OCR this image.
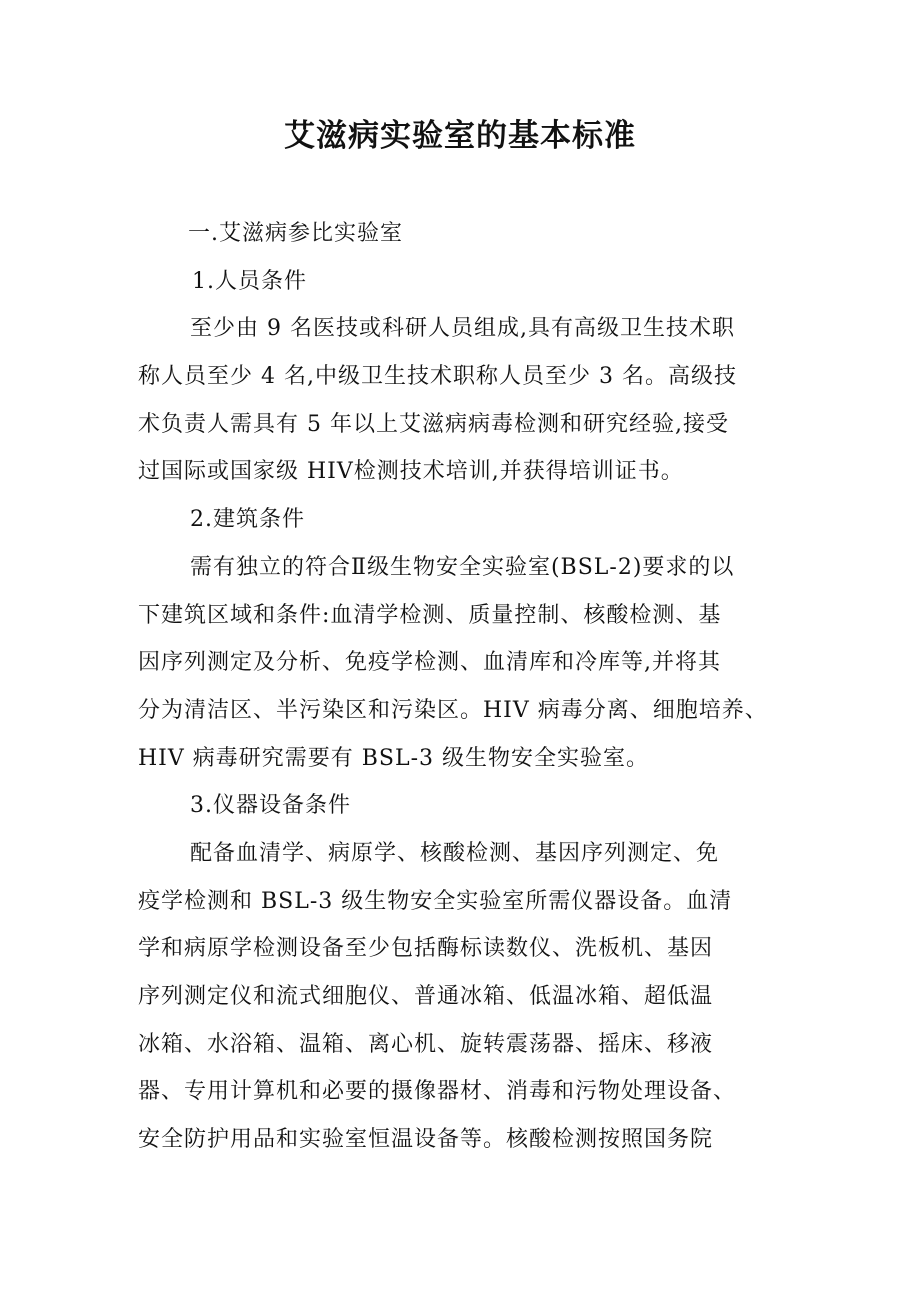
艾滋病实验室的基本标准
一.艾滋病参比实验室
1.人员条件
至少由 9 名医技或科研人员组成,具有高级卫生技术职
称人员至少 4 名,中级卫生技术职称人员至少 3 名。高级技
术负责人需具有 5 年以上艾滋病病毒检测和研究经验,接受
过国际或国家级 HIⅤ检测技术培训,并获得培训证书。
2.建筑条件
需有独立的符合Ⅱ级生物安全实验室(BSL-2)要求的以
下建筑区域和条件:血清学检测、质量控制、核酸检测、基
因序列测定及分析、免疫学检测、血清库和冷库等,并将其
分为清洁区、半污染区和污染区。HIV 病毒分离、细胞培养、
HIV 病毒研究需要有 BSL-3 级生物安全实验室。
3.仪器设备条件
配备血清学、病原学、核酸检测、基因序列测定、免
疫学检测和 BSL-3 级生物安全实验室所需仪器设备。血清
学和病原学检测设备至少包括酶标读数仪、洗板机、基因
序列测定仪和流式细胞仪、普通冰箱、低温冰箱、超低温
冰箱、水浴箱、温箱、离心机、旋转震荡器、摇床、移液
器、专用计算机和必要的摄像器材、消毒和污物处理设备、
安全防护用品和实验室恒温设备等。核酸检测按照国务院
